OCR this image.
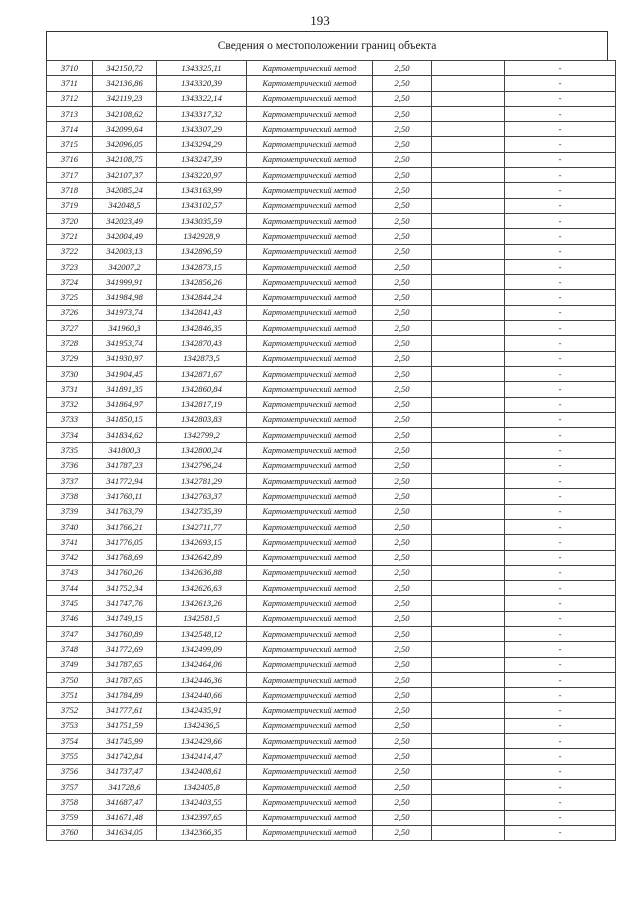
193
Сведения о местоположении границ объекта
3710	342150,72	1343325,11	Картометрический метод	2,50		-
3711	342136,86	1343320,39	Картометрический метод	2,50		-
3712	342119,23	1343322,14	Картометрический метод	2,50		-
3713	342108,62	1343317,32	Картометрический метод	2,50		-
3714	342099,64	1343307,29	Картометрический метод	2,50		-
3715	342096,05	1343294,29	Картометрический метод	2,50		-
3716	342108,75	1343247,39	Картометрический метод	2,50		-
3717	342107,37	1343220,97	Картометрический метод	2,50		-
3718	342085,24	1343163,99	Картометрический метод	2,50		-
3719	342048,5	1343102,57	Картометрический метод	2,50		-
3720	342023,49	1343035,59	Картометрический метод	2,50		-
3721	342004,49	1342928,9	Картометрический метод	2,50		-
3722	342003,13	1342896,59	Картометрический метод	2,50		-
3723	342007,2	1342873,15	Картометрический метод	2,50		-
3724	341999,91	1342856,26	Картометрический метод	2,50		-
3725	341984,98	1342844,24	Картометрический метод	2,50		-
3726	341973,74	1342841,43	Картометрический метод	2,50		-
3727	341960,3	1342846,35	Картометрический метод	2,50		-
3728	341953,74	1342870,43	Картометрический метод	2,50		-
3729	341930,97	1342873,5	Картометрический метод	2,50		-
3730	341904,45	1342871,67	Картометрический метод	2,50		-
3731	341891,35	1342860,84	Картометрический метод	2,50		-
3732	341864,97	1342817,19	Картометрический метод	2,50		-
3733	341850,15	1342803,83	Картометрический метод	2,50		-
3734	341834,62	1342799,2	Картометрический метод	2,50		-
3735	341800,3	1342800,24	Картометрический метод	2,50		-
3736	341787,23	1342796,24	Картометрический метод	2,50		-
3737	341772,94	1342781,29	Картометрический метод	2,50		-
3738	341760,11	1342763,37	Картометрический метод	2,50		-
3739	341763,79	1342735,39	Картометрический метод	2,50		-
3740	341766,21	1342711,77	Картометрический метод	2,50		-
3741	341776,05	1342693,15	Картометрический метод	2,50		-
3742	341768,69	1342642,89	Картометрический метод	2,50		-
3743	341760,26	1342636,88	Картометрический метод	2,50		-
3744	341752,34	1342626,63	Картометрический метод	2,50		-
3745	341747,76	1342613,26	Картометрический метод	2,50		-
3746	341749,15	1342581,5	Картометрический метод	2,50		-
3747	341760,89	1342548,12	Картометрический метод	2,50		-
3748	341772,69	1342499,09	Картометрический метод	2,50		-
3749	341787,65	1342464,06	Картометрический метод	2,50		-
3750	341787,65	1342446,36	Картометрический метод	2,50		-
3751	341784,89	1342440,66	Картометрический метод	2,50		-
3752	341777,61	1342435,91	Картометрический метод	2,50		-
3753	341751,59	1342436,5	Картометрический метод	2,50		-
3754	341745,99	1342429,66	Картометрический метод	2,50		-
3755	341742,84	1342414,47	Картометрический метод	2,50		-
3756	341737,47	1342408,61	Картометрический метод	2,50		-
3757	341728,6	1342405,8	Картометрический метод	2,50		-
3758	341687,47	1342403,55	Картометрический метод	2,50		-
3759	341671,48	1342397,65	Картометрический метод	2,50		-
3760	341634,05	1342366,35	Картометрический метод	2,50		-
